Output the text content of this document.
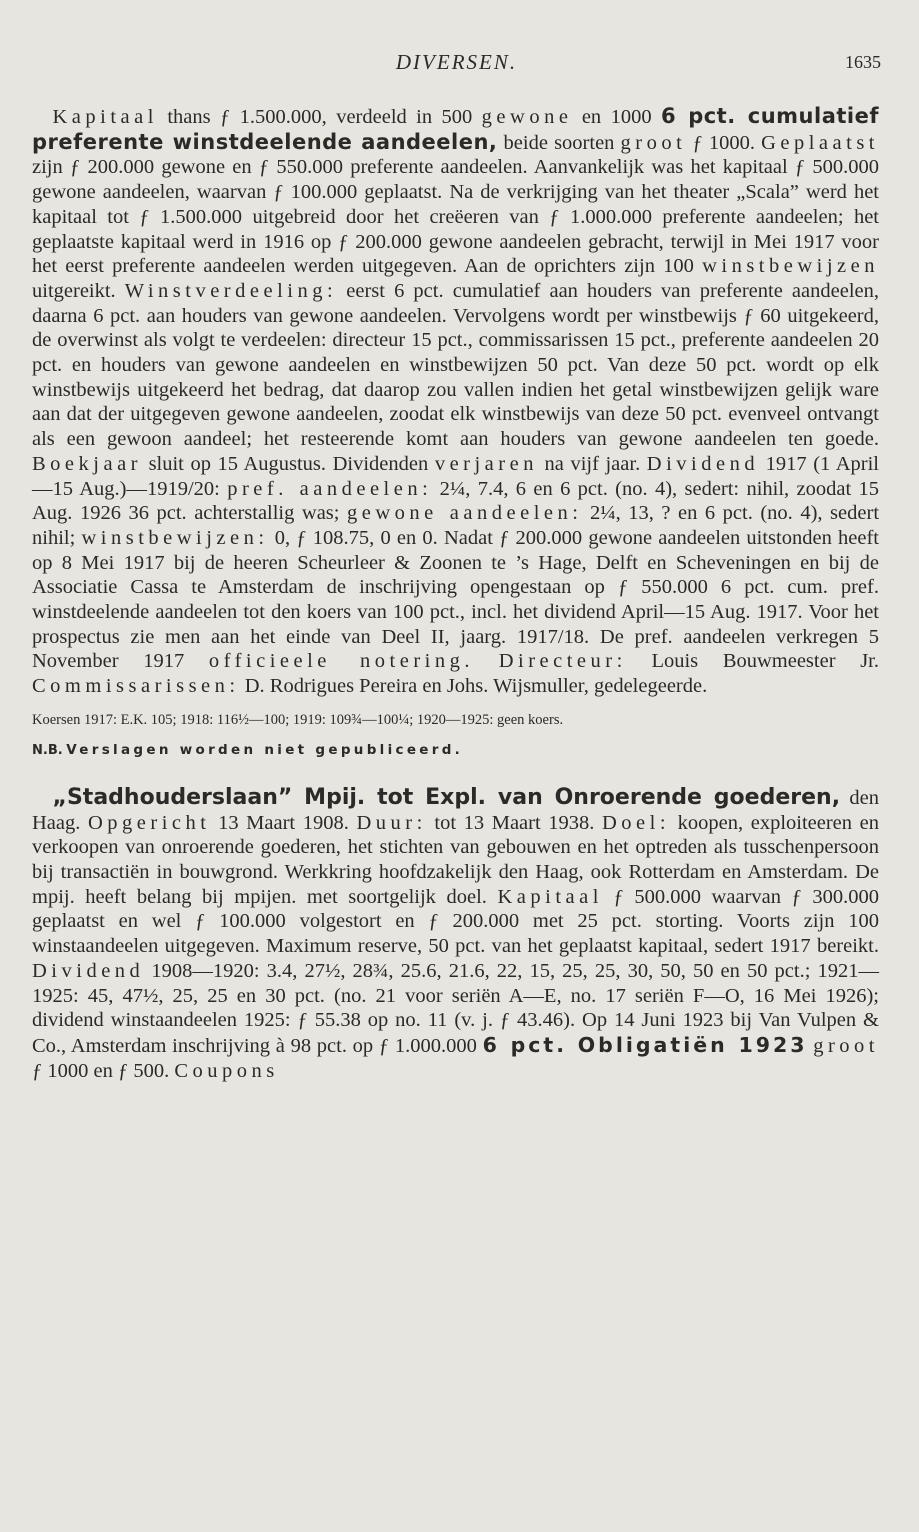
DIVERSEN.	1635

 Kapitaal thans ƒ 1.500.000, verdeeld in 500 gewone en 1000 6 pct. cumulatief preferente winstdeelende aandeelen, beide soorten groot ƒ 1000. Geplaatst zijn ƒ 200.000 gewone en ƒ 550.000 preferente aandeelen. Aanvankelijk was het kapitaal ƒ 500.000 gewone aandeelen, waarvan ƒ 100.000 geplaatst. Na de verkrijging van het theater „Scala” werd het kapitaal tot ƒ 1.500.000 uitgebreid door het creëeren van ƒ 1.000.000 preferente aandeelen; het geplaatste kapitaal werd in 1916 op ƒ 200.000 gewone aandeelen gebracht, terwijl in Mei 1917 voor het eerst preferente aandeelen werden uitgegeven. Aan de oprichters zijn 100 winstbewijzen uitgereikt. Winstverdeeling: eerst 6 pct. cumulatief aan houders van preferente aandeelen, daarna 6 pct. aan houders van gewone aandeelen. Vervolgens wordt per winstbewijs ƒ 60 uitgekeerd, de overwinst als volgt te verdeelen: directeur 15 pct., commissarissen 15 pct., preferente aandeelen 20 pct. en houders van gewone aandeelen en winstbewijzen 50 pct. Van deze 50 pct. wordt op elk winstbewijs uitgekeerd het bedrag, dat daarop zou vallen indien het getal winstbewijzen gelijk ware aan dat der uitgegeven gewone aandeelen, zoodat elk winstbewijs van deze 50 pct. evenveel ontvangt als een gewoon aandeel; het resteerende komt aan houders van gewone aandeelen ten goede. Boekjaar sluit op 15 Augustus. Dividenden verjaren na vijf jaar. Dividend 1917 (1 April—15 Aug.)—1919/20: pref. aandeelen: 2¼, 7.4, 6 en 6 pct. (no. 4), sedert: nihil, zoodat 15 Aug. 1926 36 pct. achterstallig was; gewone aandeelen: 2¼, 13, ? en 6 pct. (no. 4), sedert nihil; winstbewijzen: 0, ƒ 108.75, 0 en 0. Nadat ƒ 200.000 gewone aandeelen uitstonden heeft op 8 Mei 1917 bij de heeren Scheurleer & Zoonen te ’s Hage, Delft en Scheveningen en bij de Associatie Cassa te Amsterdam de inschrijving opengestaan op ƒ 550.000 6 pct. cum. pref. winstdeelende aandeelen tot den koers van 100 pct., incl. het dividend April—15 Aug. 1917. Voor het prospectus zie men aan het einde van Deel II, jaarg. 1917/18. De pref. aandeelen verkregen 5 November 1917 officieele notering. Directeur: Louis Bouwmeester Jr. Commissarissen: D. Rodrigues Pereira en Johs. Wijsmuller, gedelegeerde.

Koersen 1917: E.K. 105; 1918: 116½—100; 1919: 109¾—100¼; 1920—1925: geen koers.

N.B. Verslagen worden niet gepubliceerd.

 „Stadhouderslaan” Mpij. tot Expl. van Onroerende goederen, den Haag. Opgericht 13 Maart 1908. Duur: tot 13 Maart 1938. Doel: koopen, exploiteeren en verkoopen van onroerende goederen, het stichten van gebouwen en het optreden als tusschenpersoon bij transactiën in bouwgrond. Werkkring hoofdzakelijk den Haag, ook Rotterdam en Amsterdam. De mpij. heeft belang bij mpijen. met soortgelijk doel. Kapitaal ƒ 500.000 waarvan ƒ 300.000 geplaatst en wel ƒ 100.000 volgestort en ƒ 200.000 met 25 pct. storting. Voorts zijn 100 winstaandeelen uitgegeven. Maximum reserve, 50 pct. van het geplaatst kapitaal, sedert 1917 bereikt. Dividend 1908—1920: 3.4, 27½, 28¾, 25.6, 21.6, 22, 15, 25, 25, 30, 50, 50 en 50 pct.; 1921—1925: 45, 47½, 25, 25 en 30 pct. (no. 21 voor seriën A—E, no. 17 seriën F—O, 16 Mei 1926); dividend winstaandeelen 1925: ƒ 55.38 op no. 11 (v. j. ƒ 43.46). Op 14 Juni 1923 bij Van Vulpen & Co., Amsterdam inschrijving à 98 pct. op ƒ 1.000.000 6 pct. Obligatiën 1923 groot ƒ 1000 en ƒ 500. Coupons
